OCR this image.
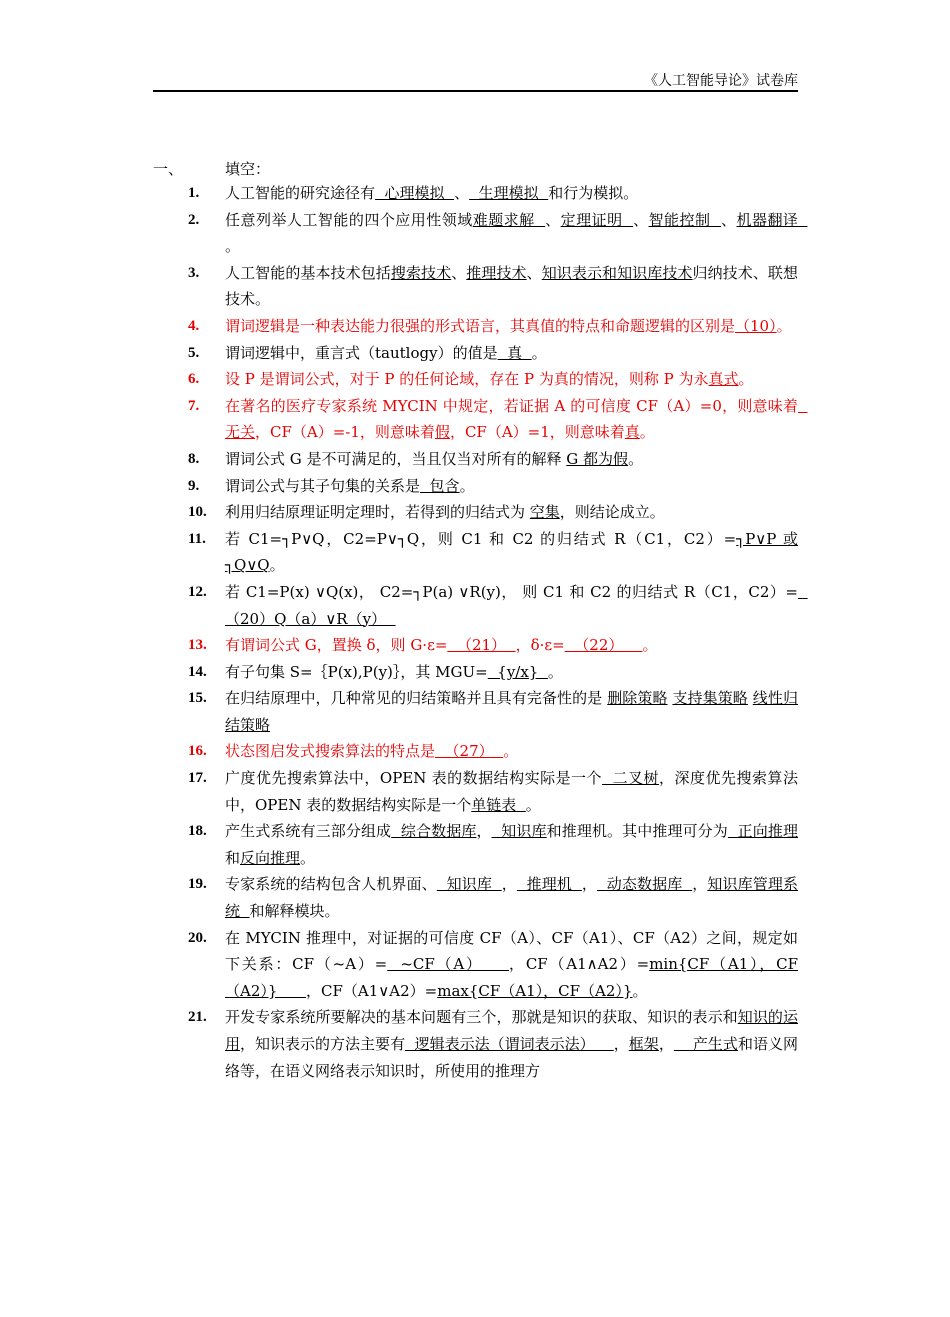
《人工智能导论》试卷库
一、	填空：
1.	人工智能的研究途径有  心理模拟  、  生理模拟  和行为模拟。
2.	任意列举人工智能的四个应用性领域难题求解  、定理证明  、智能控制  、机器翻译  。
3.	人工智能的基本技术包括搜索技术、推理技术、知识表示和知识库技术归纳技术、联想技术。
4.	谓词逻辑是一种表达能力很强的形式语言，其真值的特点和命题逻辑的区别是（10）。
5.	谓词逻辑中，重言式（tautlogy）的值是  真  。
6.	设 P 是谓词公式，对于 P 的任何论域，存在 P 为真的情况，则称 P 为永真式。
7.	在著名的医疗专家系统 MYCIN 中规定，若证据 A 的可信度 CF（A）=0，则意味着  无关，CF（A）=-1，则意味着假，CF（A）=1，则意味着真。
8.	谓词公式 G 是不可满足的，当且仅当对所有的解释 G 都为假。
9.	谓词公式与其子句集的关系是  包含。
10.	利用归结原理证明定理时，若得到的归结式为 空集，则结论成立。
11.	若 C1=┐P∨Q，C2=P∨┐Q，则 C1 和 C2 的归结式 R（C1，C2）=┐P∨P 或┐Q∨Q。
12.	若 C1=P(x) ∨Q(x)， C2=┐P(a) ∨R(y)， 则 C1 和 C2 的归结式 R（C1，C2）=  （20）Q（a）∨R（y）
13.	有谓词公式 G，置换 δ，则 G·ε=  （21）  ，δ·ε=  （22）    。
14.	有子句集 S=｛P(x),P(y)｝，其 MGU=  {y/x}  。
15.	在归结原理中，几种常见的归结策略并且具有完备性的是 删除策略 支持集策略 线性归结策略
16.	状态图启发式搜索算法的特点是  （27）  。
17.	广度优先搜索算法中，OPEN 表的数据结构实际是一个  二叉树，深度优先搜索算法中，OPEN 表的数据结构实际是一个单链表  。
18.	产生式系统有三部分组成  综合数据库，  知识库和推理机。其中推理可分为  正向推理和反向推理。
19.	专家系统的结构包含人机界面、  知识库  ，  推理机  ，  动态数据库  ，知识库管理系统  和解释模块。
20.	在 MYCIN 推理中，对证据的可信度 CF（A）、CF（A1）、CF（A2）之间，规定如下关系：CF（~A）=  ~CF（A）    ，CF（A1∧A2）=min{CF（A1），CF（A2）}      ，CF（A1∨A2）=max{CF（A1），CF（A2）}。
21.	开发专家系统所要解决的基本问题有三个，那就是知识的获取、知识的表示和知识的运用，知识表示的方法主要有  逻辑表示法（谓词表示法）    ，框架，    产生式和语义网络等，在语义网络表示知识时，所使用的推理方
